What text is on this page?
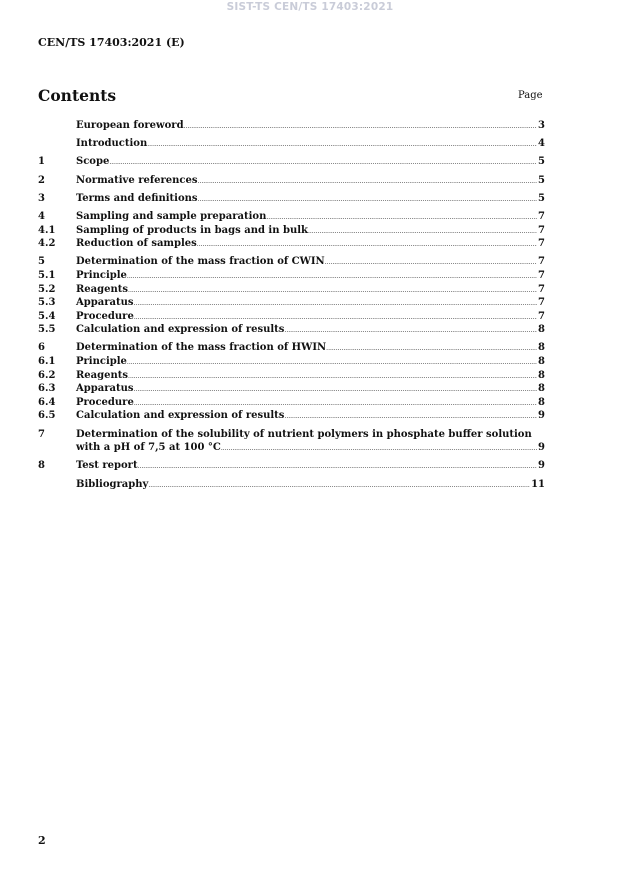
SIST-TS CEN/TS 17403:2021
CEN/TS 17403:2021 (E)
Contents	Page
European foreword .....	3
Introduction .....	4
1	Scope .....	5
2	Normative references .....	5
3	Terms and definitions .....	5
4	Sampling and sample preparation .....	7
4.1	Sampling of products in bags and in bulk .....	7
4.2	Reduction of samples .....	7
5	Determination of the mass fraction of CWIN .....	7
5.1	Principle .....	7
5.2	Reagents .....	7
5.3	Apparatus .....	7
5.4	Procedure .....	7
5.5	Calculation and expression of results .....	8
6	Determination of the mass fraction of HWIN .....	8
6.1	Principle .....	8
6.2	Reagents .....	8
6.3	Apparatus .....	8
6.4	Procedure .....	8
6.5	Calculation and expression of results .....	9
7	Determination of the solubility of nutrient polymers in phosphate buffer solution
with a pH of 7,5 at 100 °C .....	9
8	Test report .....	9
Bibliography .....	11
2
